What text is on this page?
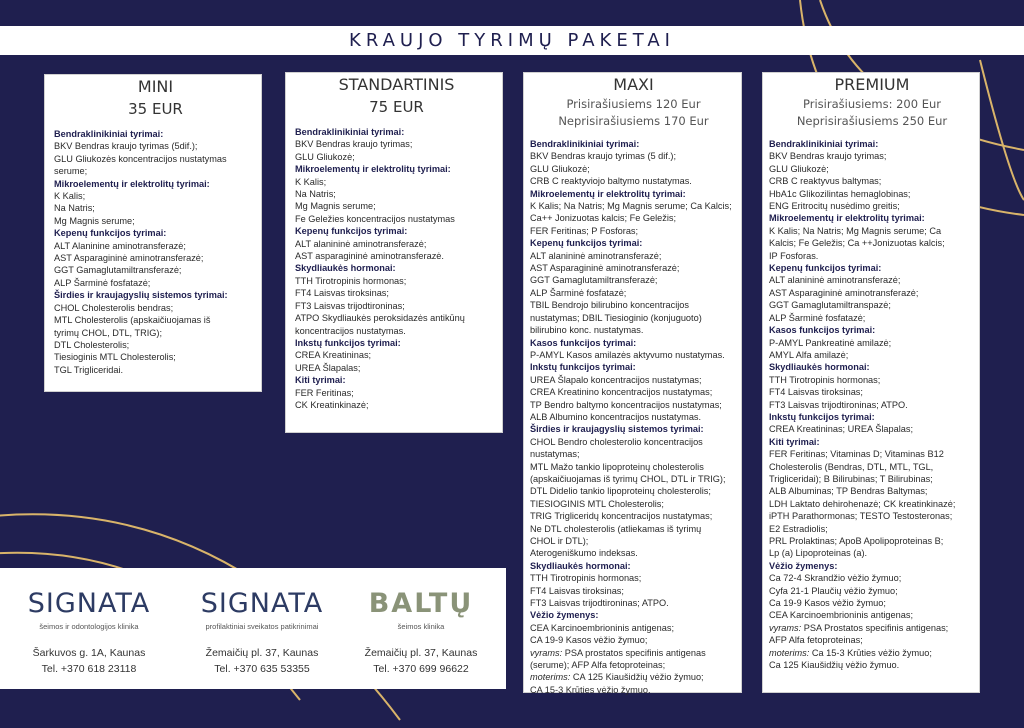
KRAUJO TYRIMŲ PAKETAI
MINI
35 EUR
Bendraklinikiniai tyrimai:
BKV Bendras kraujo tyrimas (5dif.);
GLU Gliukozės koncentracijos nustatymas
serume;
Mikroelementų ir elektrolitų tyrimai:
K Kalis;
Na Natris;
Mg Magnis serume;
Kepenų funkcijos tyrimai:
ALT Alaninine aminotransferazė;
AST Asparagininė aminotransferazė;
GGT Gamaglutamiltransferazė;
ALP Šarminė fosfatazė;
Širdies ir kraujagyslių sistemos tyrimai:
CHOL Cholesterolis bendras;
MTL Cholesterolis (apskaičiuojamas iš
tyrimų CHOL, DTL, TRIG);
DTL Cholesterolis;
Tiesioginis MTL Cholesterolis;
TGL Trigliceridai.
STANDARTINIS
75 EUR
Bendraklinikiniai tyrimai:
BKV Bendras kraujo tyrimas;
GLU Gliukozė;
Mikroelementų ir elektrolitų tyrimai:
K Kalis;
Na Natris;
Mg Magnis serume;
Fe Geležies koncentracijos nustatymas
Kepenų funkcijos tyrimai:
ALT alanininė aminotransferazė;
AST asparagininė aminotransferazė.
Skydliaukės hormonai:
TTH Tirotropinis hormonas;
FT4 Laisvas tiroksinas;
FT3 Laisvas trijodtironinas;
ATPO Skydliaukės peroksidazės antikūnų
koncentracijos nustatymas.
Inkstų funkcijos tyrimai:
CREA Kreatininas;
UREA Šlapalas;
Kiti tyrimai:
FER Feritinas;
CK Kreatinkinazė;
MAXI
Prisirašiusiems 120 Eur
Neprisirašiusiems 170 Eur
Bendraklinikiniai tyrimai:
BKV Bendras kraujo tyrimas (5 dif.);
GLU Gliukozė;
CRB C reaktyviojo baltymo nustatymas.
Mikroelementų ir elektrolitų tyrimai:
K Kalis; Na Natris; Mg Magnis serume; Ca Kalcis;
Ca++ Jonizuotas kalcis; Fe Geležis;
FER Feritinas; P Fosforas;
Kepenų funkcijos tyrimai:
ALT alanininė aminotransferazė;
AST Asparagininė aminotransferazė;
GGT Gamaglutamiltransferazė;
ALP Šarminė fosfatazė;
TBIL Bendrojo bilirubino koncentracijos
nustatymas; DBIL Tiesioginio (konjuguoto)
bilirubino konc. nustatymas.
Kasos funkcijos tyrimai:
P-AMYL Kasos amilazės aktyvumo nustatymas.
Inkstų funkcijos tyrimai:
UREA Šlapalo koncentracijos nustatymas;
CREA Kreatinino koncentracijos nustatymas;
TP Bendro baltymo koncentracijos nustatymas;
ALB Albumino koncentracijos nustatymas.
Širdies ir kraujagyslių sistemos tyrimai:
CHOL Bendro cholesterolio koncentracijos
nustatymas;
MTL Mažo tankio lipoproteinų cholesterolis
(apskaičiuojamas iš tyrimų CHOL, DTL ir TRIG);
DTL Didelio tankio lipoproteinų cholesterolis;
TIESIOGINIS MTL Cholesterolis;
TRIG Trigliceridų koncentracijos nustatymas;
Ne DTL cholesterolis (atliekamas iš tyrimų
CHOL ir DTL);
Aterogeniškumo indeksas.
Skydliaukės hormonai:
TTH Tirotropinis hormonas;
FT4 Laisvas tiroksinas;
FT3 Laisvas trijodtironinas; ATPO.
Vėžio žymenys:
CEA Karcinoembrioninis antigenas;
CA 19-9 Kasos vėžio žymuo;
vyrams: PSA prostatos specifinis antigenas
(serume); AFP Alfa fetoproteinas;
moterims: CA 125 Kiaušidžių vėžio žymuo;
CA 15-3 Krūties vėžio žymuo.
PREMIUM
Prisirašiusiems: 200 Eur
Neprisirašiusiems 250 Eur
Bendraklinikiniai tyrimai:
BKV Bendras kraujo tyrimas;
GLU Gliukozė;
CRB C reaktyvus baltymas;
HbA1c Glikozilintas hemaglobinas;
ENG Eritrocitų nusėdimo greitis;
Mikroelementų ir elektrolitų tyrimai:
K Kalis; Na Natris; Mg Magnis serume; Ca
Kalcis; Fe Geležis; Ca ++Jonizuotas kalcis;
IP Fosforas.
Kepenų funkcijos tyrimai:
ALT alanininė aminotransferazė;
AST Asparagininė aminotransferazė;
GGT Gamaglutamiltranspazė;
ALP Šarminė fosfatazė;
Kasos funkcijos tyrimai:
P-AMYL Pankreatinė amilazė;
AMYL Alfa amilazė;
Skydliaukės hormonai:
TTH Tirotropinis hormonas;
FT4 Laisvas tiroksinas;
FT3 Laisvas trijodtironinas; ATPO.
Inkstų funkcijos tyrimai:
CREA Kreatininas; UREA Šlapalas;
Kiti tyrimai:
FER Feritinas; Vitaminas D; Vitaminas B12
Cholesterolis (Bendras, DTL, MTL, TGL,
Trigliceridai); B Bilirubinas; T Bilirubinas;
ALB Albuminas; TP Bendras Baltymas;
LDH Laktato dehirohenazė; CK kreatinkinazė;
iPTH Parathormonas; TESTO Testosteronas;
E2 Estradiolis;
PRL Prolaktinas; ApoB Apolipoproteinas B;
Lp (a) Lipoproteinas (a).
Vėžio žymenys:
Ca 72-4 Skrandžio vėžio žymuo;
Cyfa 21-1 Plaučių vėžio žymuo;
Ca 19-9 Kasos vėžio žymuo;
CEA Karcinoembrioninis antigenas;
vyrams: PSA Prostatos specifinis antigenas;
AFP Alfa fetoproteinas;
moterims: Ca 15-3 Krūties vėžio žymuo;
Ca 125 Kiaušidžių vėžio žymuo.
SIGNATA
šeimos ir odontologijos klinika
Šarkuvos g. 1A, Kaunas
Tel. +370 618 23118
SIGNATA
profilaktiniai sveikatos patikrinimai
Žemaičių pl. 37, Kaunas
Tel. +370 635 53355
BALTŲ
šeimos klinika
Žemaičių pl. 37, Kaunas
Tel. +370 699 96622
